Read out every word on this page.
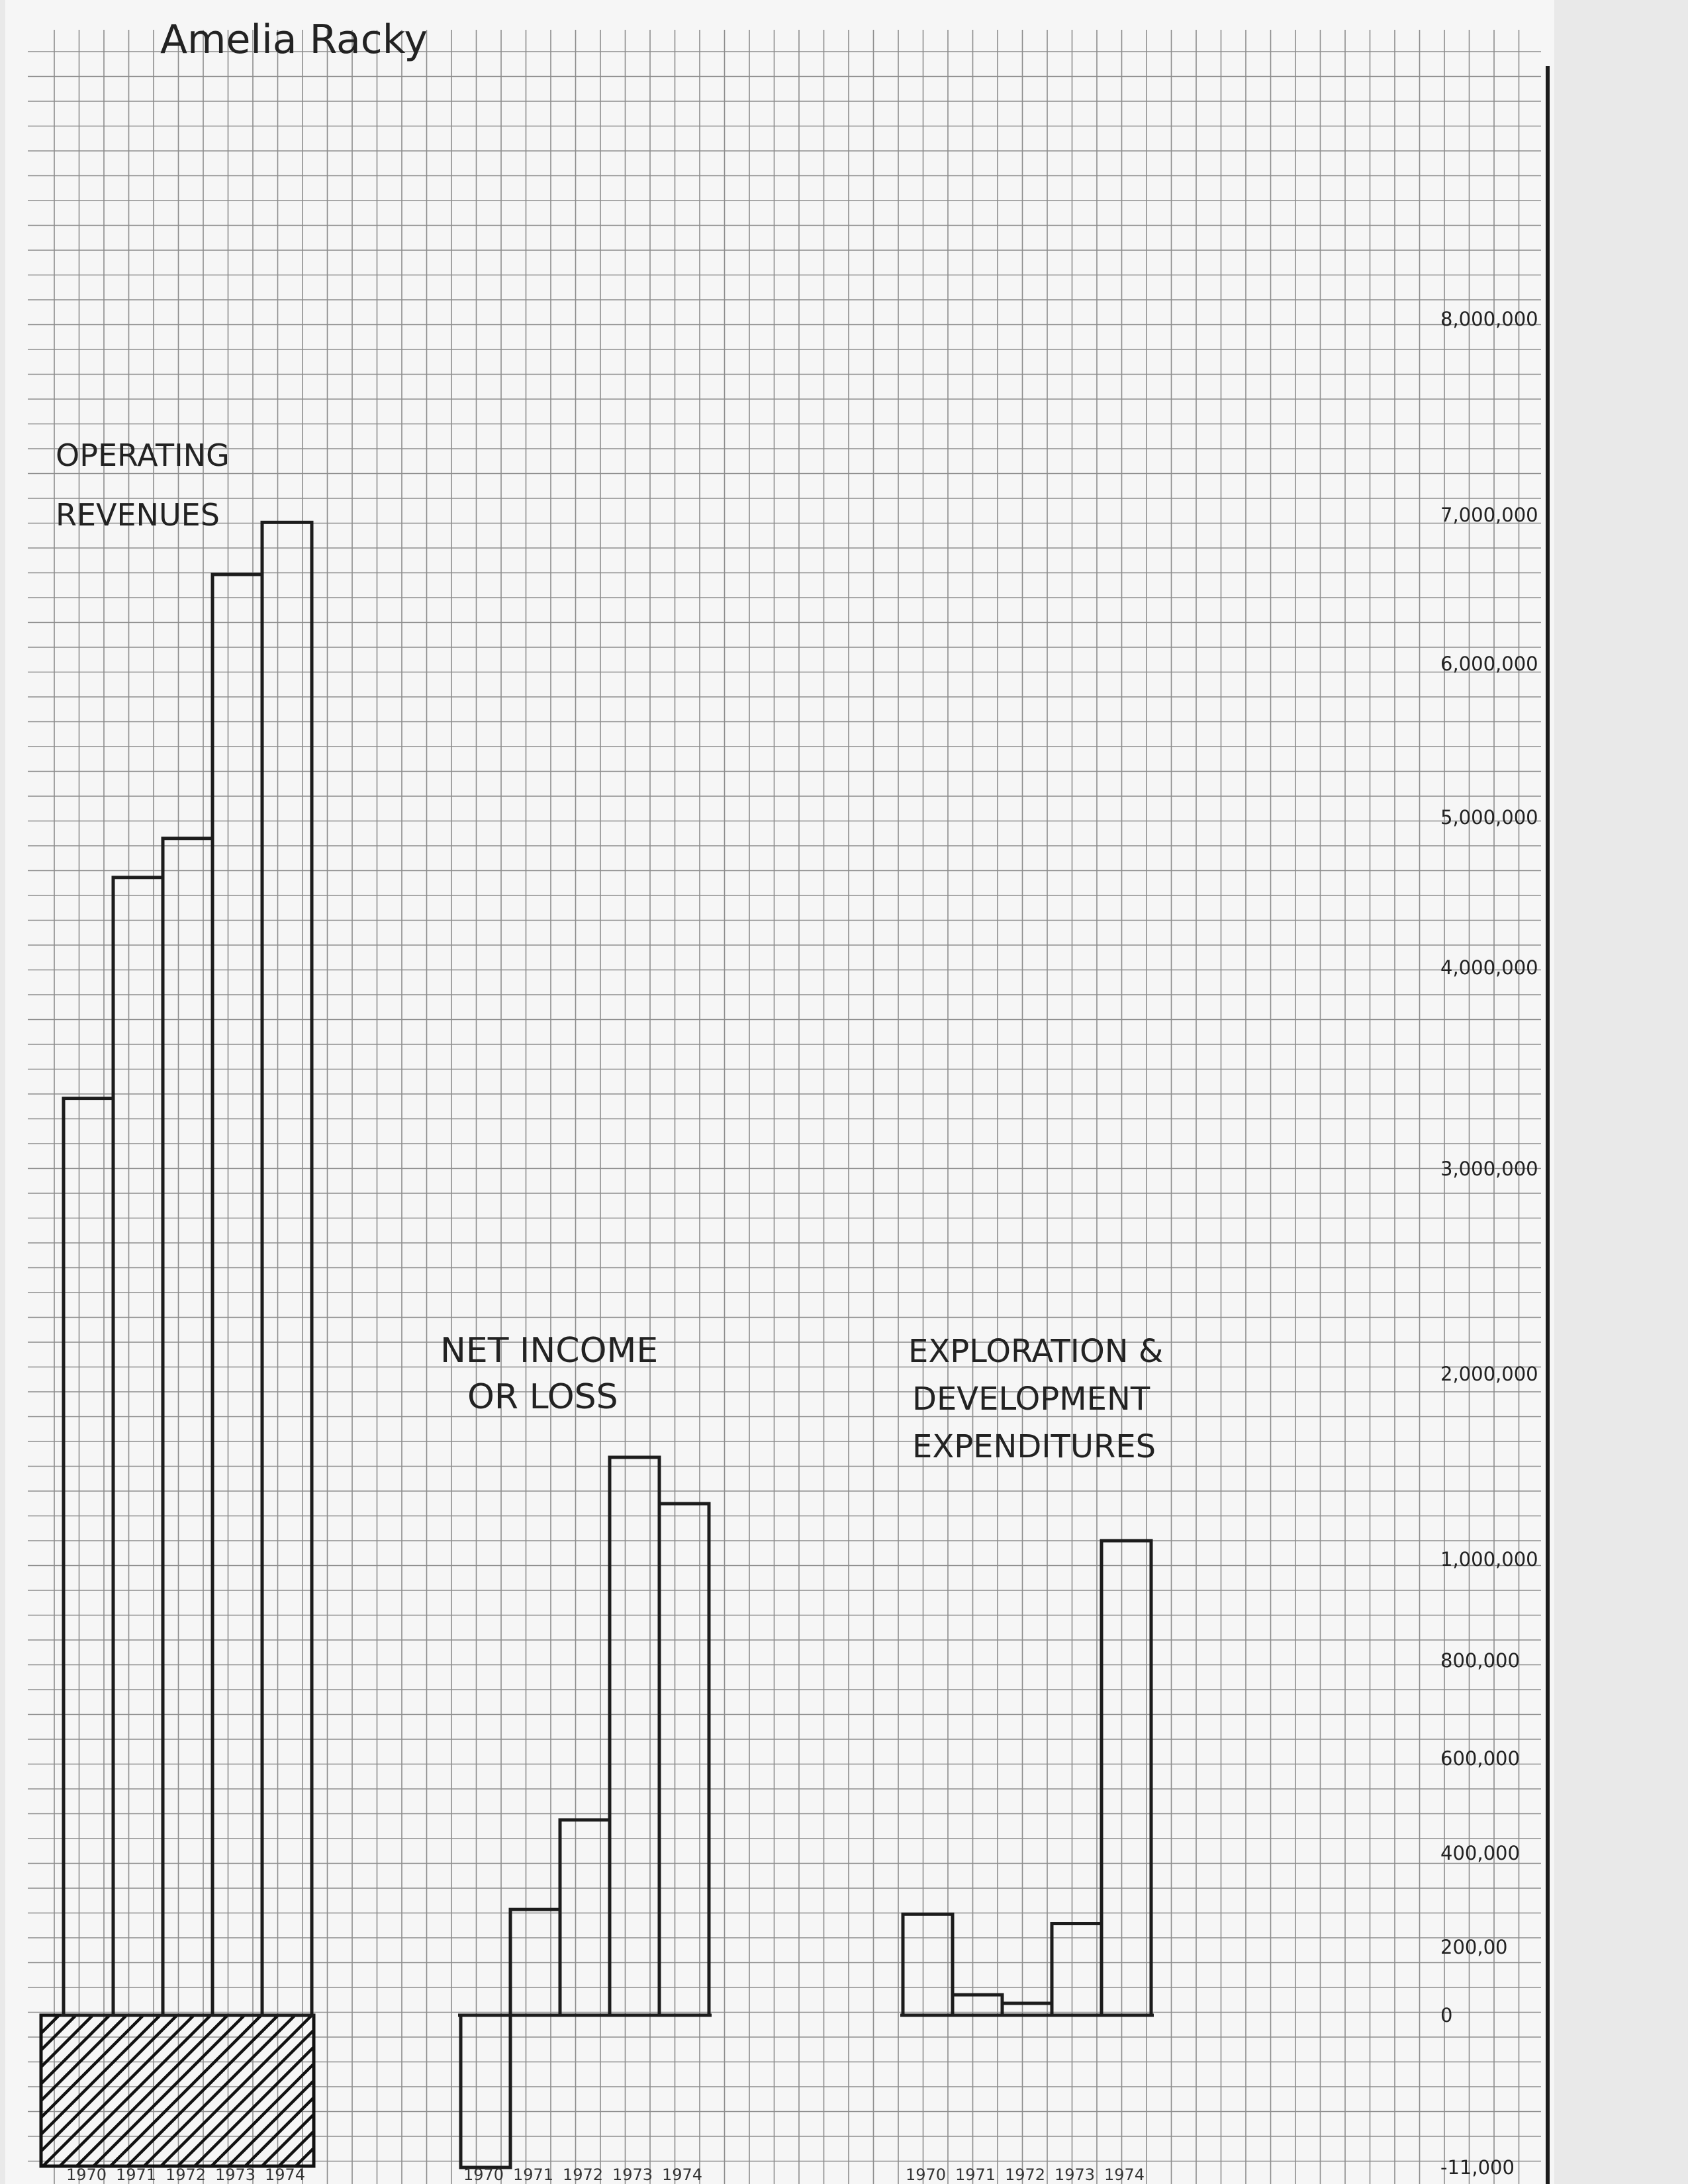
Amelia Racky
OPERATING
REVENUES
NET INCOME
OR LOSS
EXPLORATION &
DEVELOPMENT
EXPENDITURES
8,000,000
7,000,000
6,000,000
5,000,000
4,000,000
3,000,000
2,000,000
1,000,000
800,000
600,000
400,000
200,00
0
-11,000
1970 1971 1972 1973 1974	1970 1971 1972 1973 1974	1970 1971 1972 1973 1974
